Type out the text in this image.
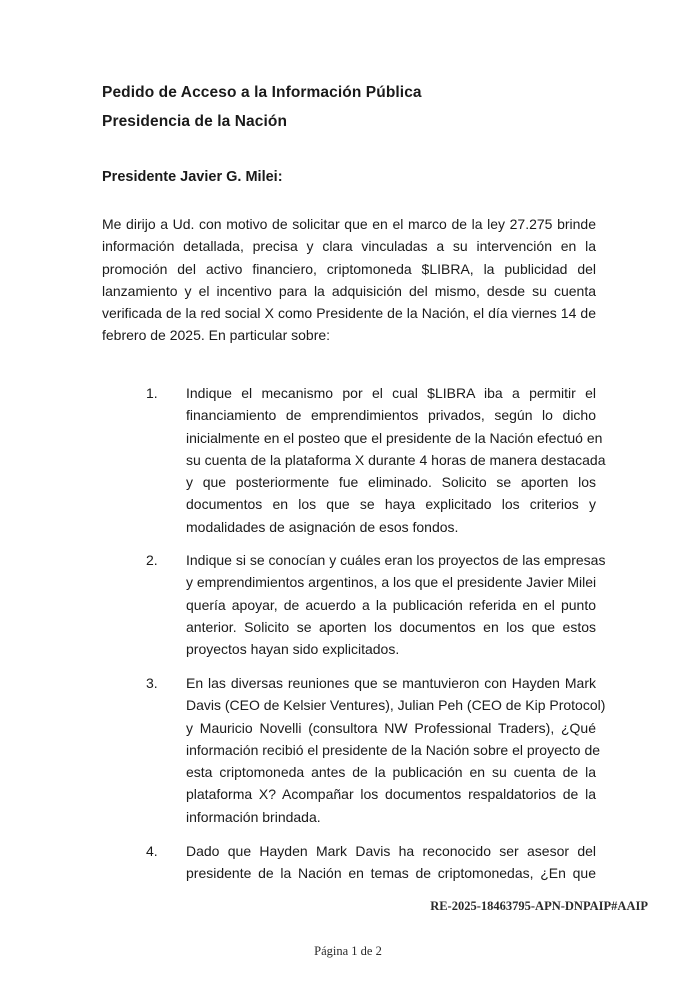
Pedido de Acceso a la Información Pública
Presidencia de la Nación
Presidente Javier G. Milei:
Me dirijo a Ud. con motivo de solicitar que en el marco de la ley 27.275 brinde
información detallada, precisa y clara vinculadas a su intervención en la
promoción del activo financiero, criptomoneda $LIBRA, la publicidad del
lanzamiento y el incentivo para la adquisición del mismo, desde su cuenta
verificada de la red social X como Presidente de la Nación, el día viernes 14 de
febrero de 2025. En particular sobre:
1. Indique el mecanismo por el cual $LIBRA iba a permitir el
financiamiento de emprendimientos privados, según lo dicho
inicialmente en el posteo que el presidente de la Nación efectuó en
su cuenta de la plataforma X durante 4 horas de manera destacada
y que posteriormente fue eliminado. Solicito se aporten los
documentos en los que se haya explicitado los criterios y
modalidades de asignación de esos fondos.
2. Indique si se conocían y cuáles eran los proyectos de las empresas
y emprendimientos argentinos, a los que el presidente Javier Milei
quería apoyar, de acuerdo a la publicación referida en el punto
anterior. Solicito se aporten los documentos en los que estos
proyectos hayan sido explicitados.
3. En las diversas reuniones que se mantuvieron con Hayden Mark
Davis (CEO de Kelsier Ventures), Julian Peh (CEO de Kip Protocol)
y Mauricio Novelli (consultora NW Professional Traders), ¿Qué
información recibió el presidente de la Nación sobre el proyecto de
esta criptomoneda antes de la publicación en su cuenta de la
plataforma X? Acompañar los documentos respaldatorios de la
información brindada.
4. Dado que Hayden Mark Davis ha reconocido ser asesor del
presidente de la Nación en temas de criptomonedas, ¿En que
RE-2025-18463795-APN-DNPAIP#AAIP
Página 1 de 2
